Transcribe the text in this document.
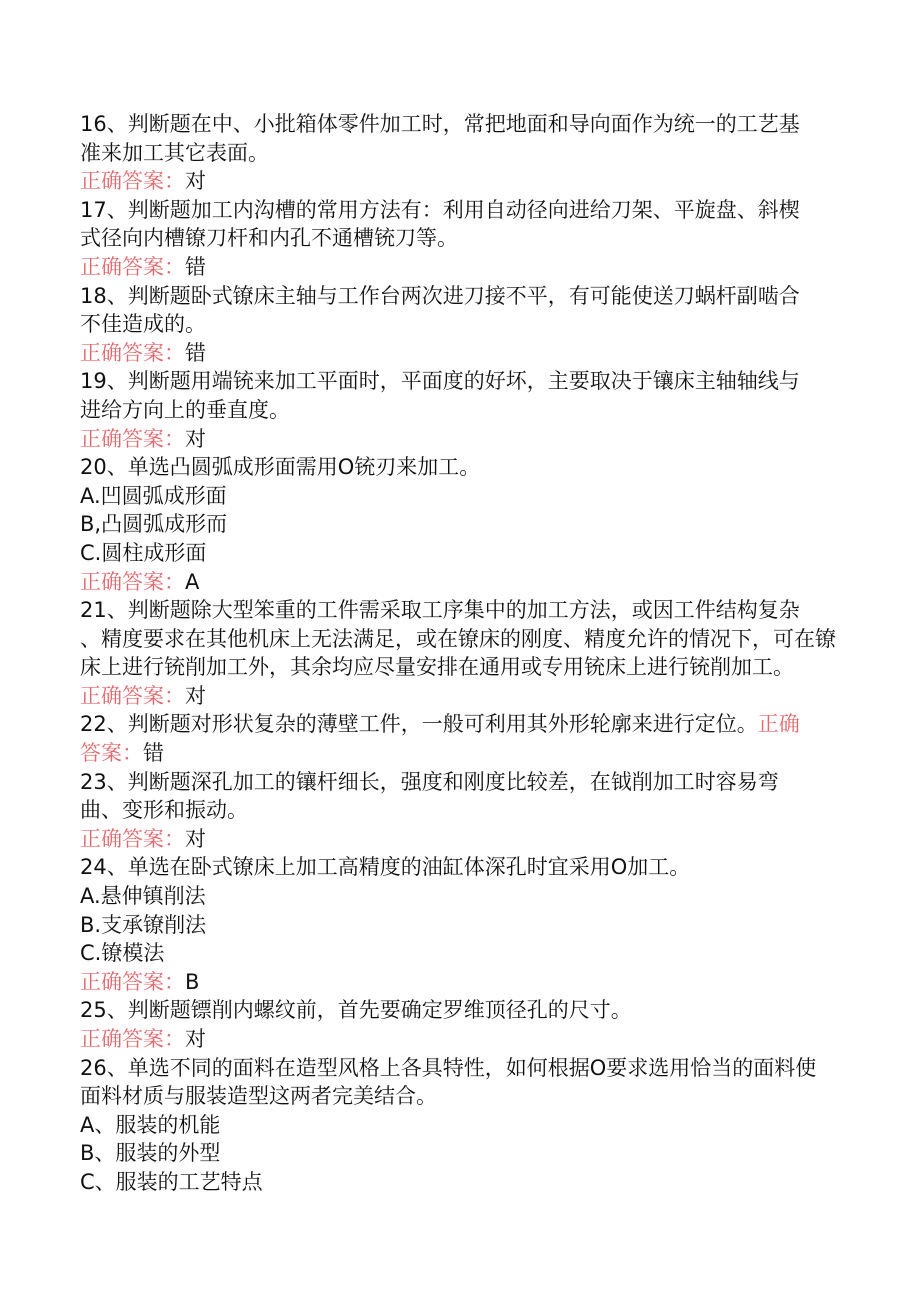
16、判断题在中、小批箱体零件加工时，常把地面和导向面作为统一的工艺基
准来加工其它表面。
正确答案：对
17、判断题加工内沟槽的常用方法有：利用自动径向进给刀架、平旋盘、斜楔
式径向内槽镣刀杆和内孔不通槽铳刀等。
正确答案：错
18、判断题卧式镣床主轴与工作台两次进刀接不平，有可能使送刀蜗杆副啮合
不佳造成的。
正确答案：错
19、判断题用端铳来加工平面时，平面度的好坏，主要取决于镶床主轴轴线与
进给方向上的垂直度。
正确答案：对
20、单选凸圆弧成形面需用O铳刃来加工。
A.凹圆弧成形面
B,凸圆弧成形而
C.圆柱成形面
正确答案：A
21、判断题除大型笨重的工件需采取工序集中的加工方法，或因工件结构复杂
、精度要求在其他机床上无法满足，或在镣床的刚度、精度允许的情况下，可在镣
床上进行铳削加工外，其余均应尽量安排在通用或专用铳床上进行铳削加工。
正确答案：对
22、判断题对形状复杂的薄壁工件，一般可利用其外形轮廓来进行定位。正确
答案：错
23、判断题深孔加工的镶杆细长，强度和刚度比较差，在钺削加工时容易弯
曲、变形和振动。
正确答案：对
24、单选在卧式镣床上加工高精度的油缸体深孔时宜采用O加工。
A.悬伸镇削法
B.支承镣削法
C.镣模法
正确答案：B
25、判断题镖削内螺纹前，首先要确定罗维顶径孔的尺寸。
正确答案：对
26、单选不同的面料在造型风格上各具特性，如何根据O要求选用恰当的面料使
面料材质与服装造型这两者完美结合。
A、服装的机能
B、服装的外型
C、服装的工艺特点
